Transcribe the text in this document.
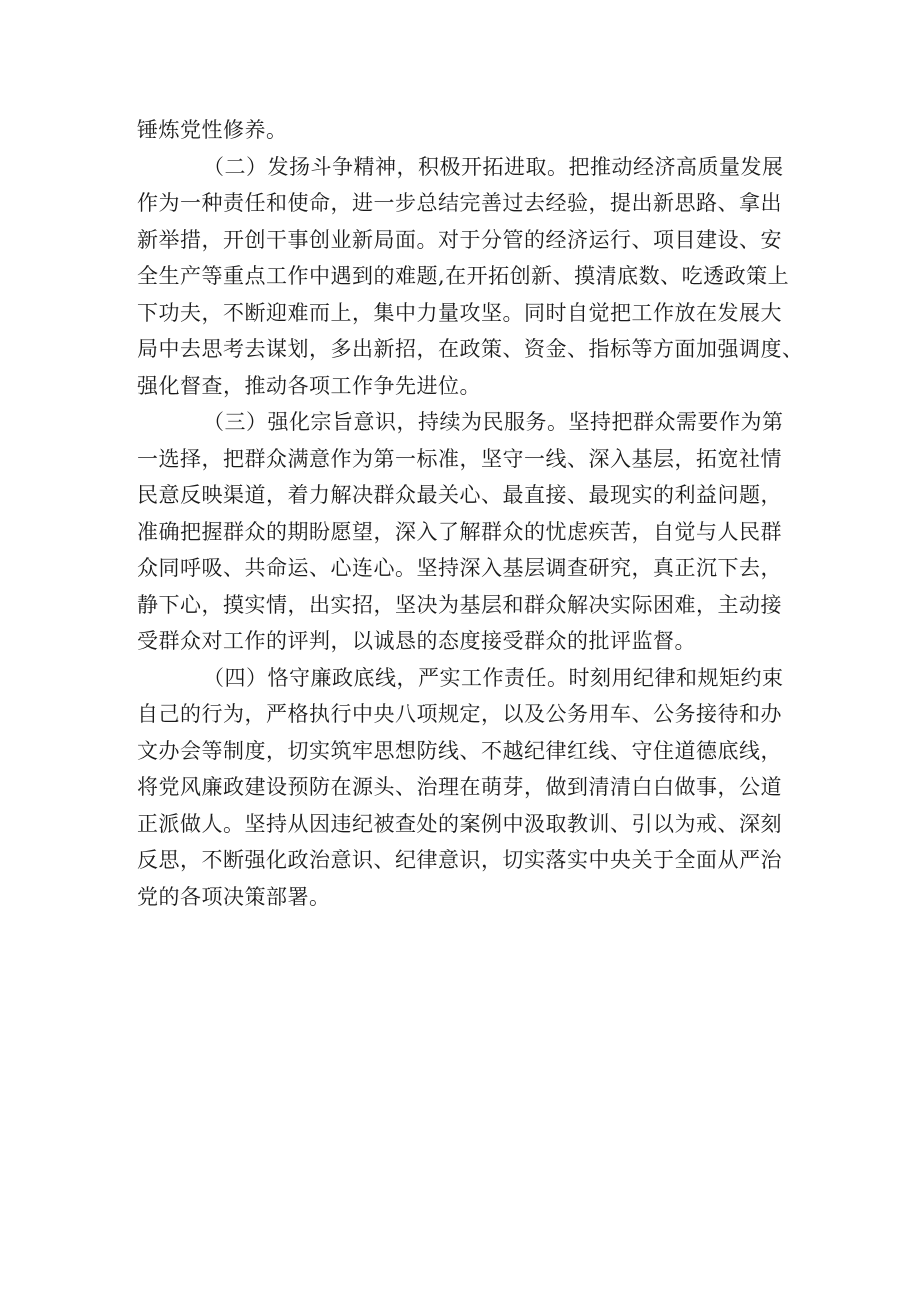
锤炼党性修养。
（二）发扬斗争精神，积极开拓进取。把推动经济高质量发展
作为一种责任和使命，进一步总结完善过去经验，提出新思路、拿出
新举措，开创干事创业新局面。对于分管的经济运行、项目建设、安
全生产等重点工作中遇到的难题,在开拓创新、摸清底数、吃透政策上
下功夫，不断迎难而上，集中力量攻坚。同时自觉把工作放在发展大
局中去思考去谋划，多出新招，在政策、资金、指标等方面加强调度、
强化督查，推动各项工作争先进位。
（三）强化宗旨意识，持续为民服务。坚持把群众需要作为第
一选择，把群众满意作为第一标准，坚守一线、深入基层，拓宽社情
民意反映渠道，着力解决群众最关心、最直接、最现实的利益问题，
准确把握群众的期盼愿望，深入了解群众的忧虑疾苦，自觉与人民群
众同呼吸、共命运、心连心。坚持深入基层调查研究，真正沉下去，
静下心，摸实情，出实招，坚决为基层和群众解决实际困难，主动接
受群众对工作的评判，以诚恳的态度接受群众的批评监督。
（四）恪守廉政底线，严实工作责任。时刻用纪律和规矩约束
自己的行为，严格执行中央八项规定，以及公务用车、公务接待和办
文办会等制度，切实筑牢思想防线、不越纪律红线、守住道德底线，
将党风廉政建设预防在源头、治理在萌芽，做到清清白白做事，公道
正派做人。坚持从因违纪被查处的案例中汲取教训、引以为戒、深刻
反思，不断强化政治意识、纪律意识，切实落实中央关于全面从严治
党的各项决策部署。
